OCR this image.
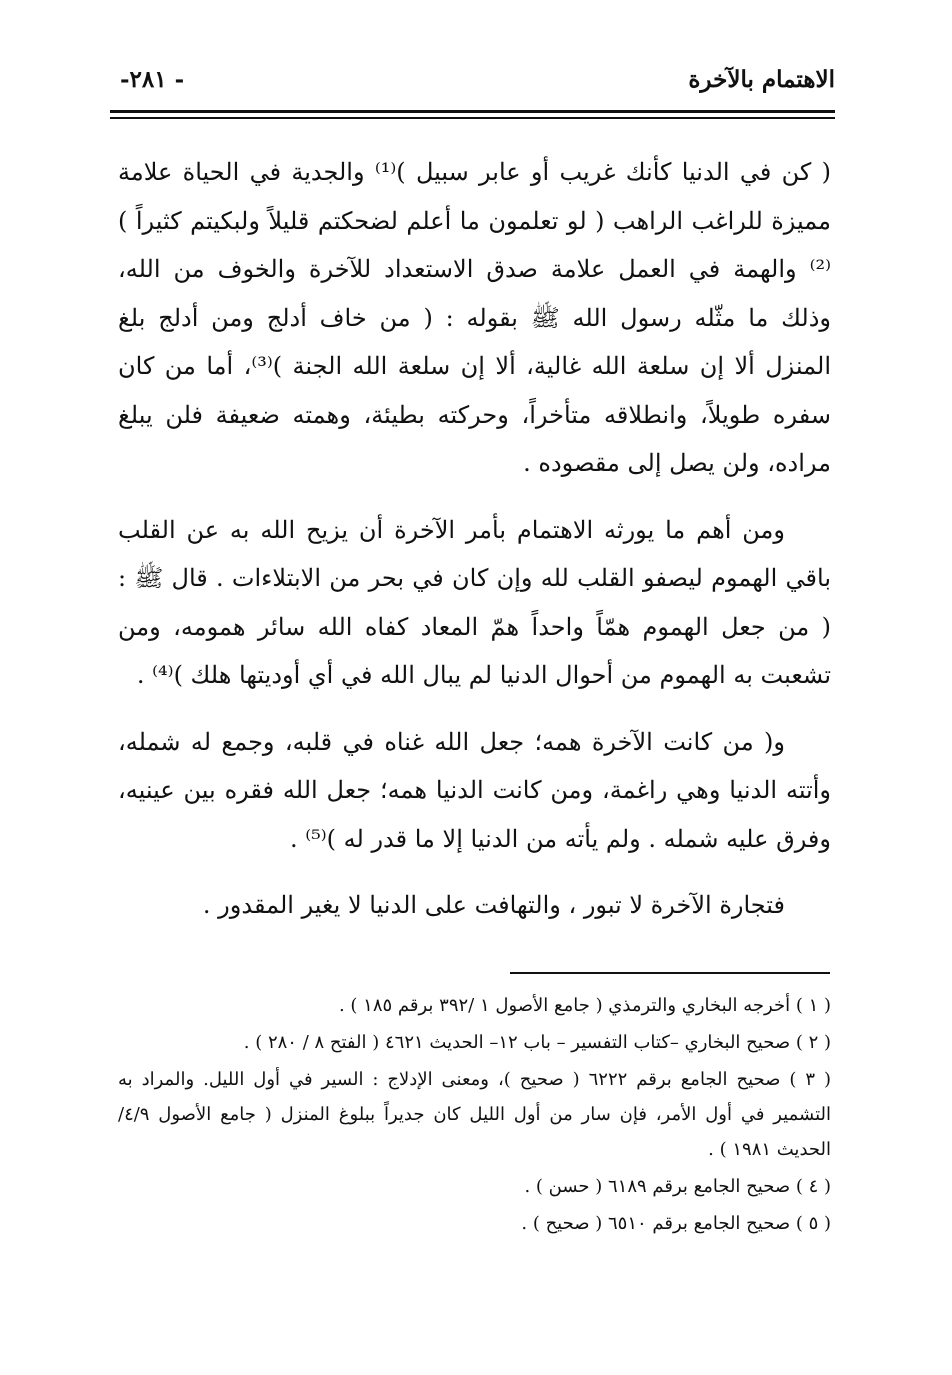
الاهتمام بالآخرة
-٢٨١ -

( كن في الدنيا كأنك غريب أو عابر سبيل )⁽¹⁾ والجدية في الحياة علامة مميزة للراغب الراهب ( لو تعلمون ما أعلم لضحكتم قليلاً ولبكيتم كثيراً )⁽²⁾ والهمة في العمل علامة صدق الاستعداد للآخرة والخوف من الله، وذلك ما مثّله رسول الله ﷺ بقوله : ( من خاف أدلج ومن أدلج بلغ المنزل ألا إن سلعة الله غالية، ألا إن سلعة الله الجنة )⁽³⁾، أما من كان سفره طويلاً، وانطلاقه متأخراً، وحركته بطيئة، وهمته ضعيفة فلن يبلغ مراده، ولن يصل إلى مقصوده .

ومن أهم ما يورثه الاهتمام بأمر الآخرة أن يزيح الله به عن القلب باقي الهموم ليصفو القلب لله وإن كان في بحر من الابتلاءات . قال ﷺ : ( من جعل الهموم همّاً واحداً همّ المعاد كفاه الله سائر همومه، ومن تشعبت به الهموم من أحوال الدنيا لم يبال الله في أي أوديتها هلك )⁽⁴⁾ .

و( من كانت الآخرة همه؛ جعل الله غناه في قلبه، وجمع له شمله، وأتته الدنيا وهي راغمة، ومن كانت الدنيا همه؛ جعل الله فقره بين عينيه، وفرق عليه شمله . ولم يأته من الدنيا إلا ما قدر له )⁽⁵⁾ .

فتجارة الآخرة لا تبور ، والتهافت على الدنيا لا يغير المقدور .

( ١ ) أخرجه البخاري والترمذي ( جامع الأصول ١ /٣٩٢ برقم ١٨٥ ) .
( ٢ ) صحيح البخاري –كتاب التفسير – باب ١٢– الحديث ٤٦٢١ ( الفتح ٨ / ٢٨٠ ) .
( ٣ ) صحيح الجامع برقم ٦٢٢٢ ( صحيح )، ومعنى الإدلاج : السير في أول الليل. والمراد به التشمير في أول الأمر، فإن سار من أول الليل كان جديراً ببلوغ المنزل ( جامع الأصول ٤/٩/الحديث ١٩٨١ ) .
( ٤ ) صحيح الجامع برقم ٦١٨٩ ( حسن ) .
( ٥ ) صحيح الجامع برقم ٦٥١٠ ( صحيح ) .
